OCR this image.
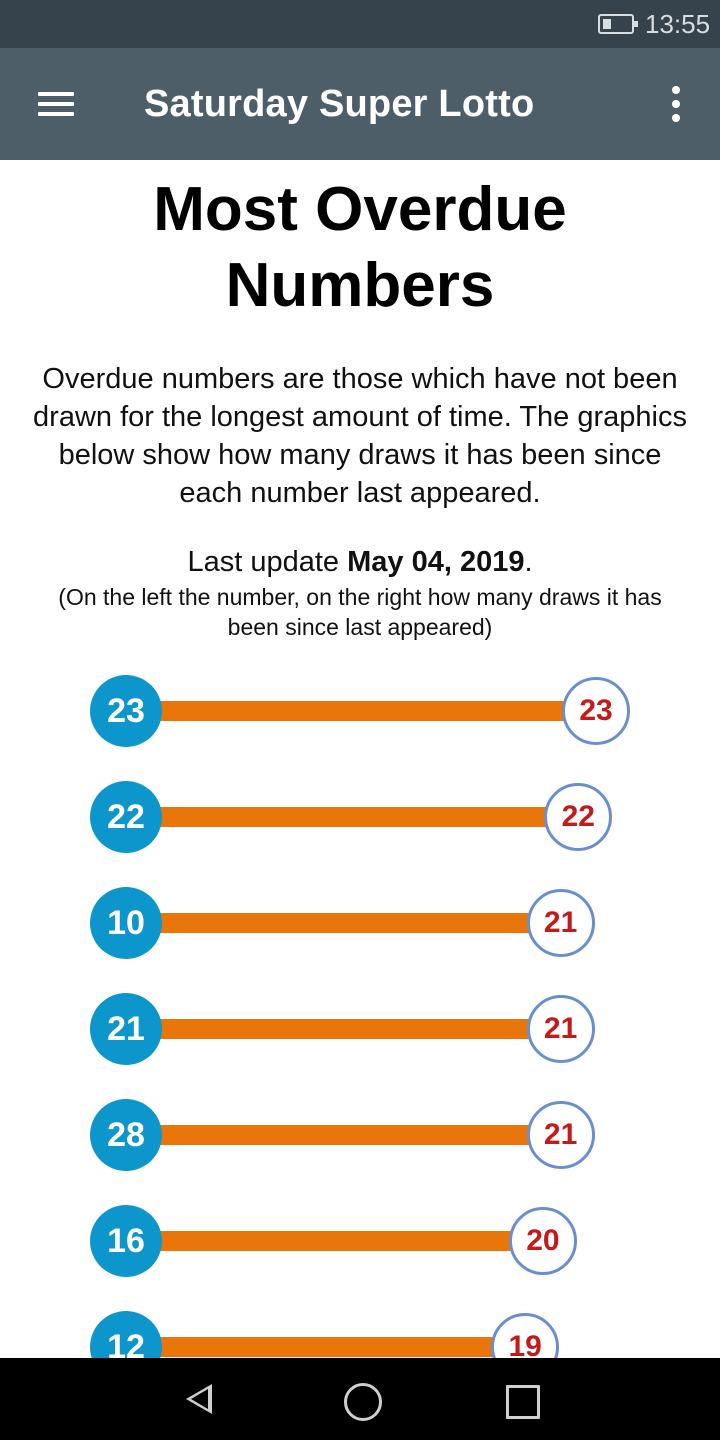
13:55
Saturday Super Lotto
Most Overdue Numbers

Overdue numbers are those which have not been drawn for the longest amount of time. The graphics below show how many draws it has been since each number last appeared.

Last update May 04, 2019.

(On the left the number, on the right how many draws it has been since last appeared)

23	23
22	22
10	21
21	21
28	21
16	20
12	19
